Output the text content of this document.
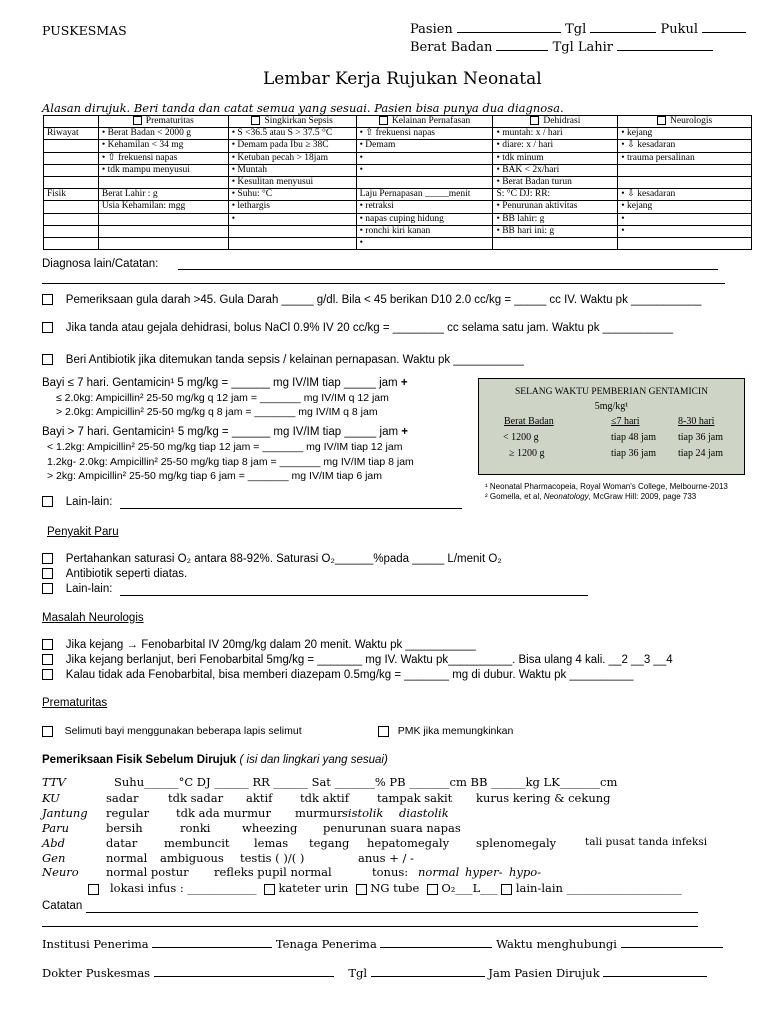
PUSKESMAS	Pasien	Tgl	Pukul
Berat Badan	Tgl Lahir
Lembar Kerja Rujukan Neonatal
Alasan dirujuk. Beri tanda dan catat semua yang sesuai. Pasien bisa punya dua diagnosa.
	Prematuritas	Singkirkan Sepsis	Kelainan Pernafasan	Dehidrasi	Neurologis
Riwayat	• Berat Badan < 2000 g	• S <36.5 atau S > 37.5 °C	• ⇧ frekuensi napas	• muntah: x / hari	• kejang
	• Kehamilan < 34 mg	• Demam pada Ibu ≥ 38C	• Demam	• diare: x / hari	• ⇩ kesadaran
	• ⇧ frekuensi napas	• Ketuban pecah > 18jam	•	• tdk minum	• trauma persalinan
	• tdk mampu menyusui	• Muntah	•	• BAK < 2x/hari	
		• Kesulitan menyusui		• Berat Badan turun	
Fisik	Berat Lahir : g	• Suhu: °C	Laju Pernapasan _____menit	S: °C DJ: RR:	• ⇩ kesadaran
	Usia Kehamilan: mgg	• lethargis	• retraksi	• Penurunan aktivitas	• kejang
		•	• napas cuping hidung	• BB lahir: g	•
			• ronchi kiri kanan	• BB hari ini: g	•
			•		
Diagnosa lain/Catatan:
Pemeriksaan gula darah >45. Gula Darah _____ g/dl. Bila < 45 berikan D10 2.0 cc/kg = _____ cc IV. Waktu pk ___________
Jika tanda atau gejala dehidrasi, bolus NaCl 0.9% IV 20 cc/kg = ________ cc selama satu jam. Waktu pk ___________
Beri Antibiotik jika ditemukan tanda sepsis / kelainan pernapasan. Waktu pk ___________
Bayi ≤ 7 hari. Gentamicin¹ 5 mg/kg = ______ mg IV/IM tiap _____ jam +
≤ 2.0kg: Ampicillin² 25-50 mg/kg q 12 jam = _______ mg IV/IM q 12 jam
> 2.0kg: Ampicillin² 25-50 mg/kg q 8 jam = _______ mg IV/IM q 8 jam
Bayi > 7 hari. Gentamicin¹ 5 mg/kg = ______ mg IV/IM tiap _____ jam +
< 1.2kg: Ampicillin² 25-50 mg/kg tiap 12 jam = _______ mg IV/IM tiap 12 jam
1.2kg- 2.0kg: Ampicillin² 25-50 mg/kg tiap 8 jam = _______ mg IV/IM tiap 8 jam
> 2kg: Ampicillin² 25-50 mg/kg tiap 6 jam = _______ mg IV/IM tiap 6 jam
Lain-lain:
SELANG WAKTU PEMBERIAN GENTAMICIN
5mg/kg¹
Berat Badan	≤7 hari	8-30 hari
< 1200 g	tiap 48 jam tiap 36 jam
≥ 1200 g	tiap 36 jam tiap 24 jam
¹ Neonatal Pharmacopeia, Royal Woman's College, Melbourne-2013
² Gomella, et al, Neonatology, McGraw Hill: 2009, page 733
Penyakit Paru
Pertahankan saturasi O₂ antara 88-92%. Saturasi O₂______%pada _____ L/menit O₂
Antibiotik seperti diatas.
Lain-lain:
Masalah Neurologis
Jika kejang → Fenobarbital IV 20mg/kg dalam 20 menit. Waktu pk ___________
Jika kejang berlanjut, beri Fenobarbital 5mg/kg = _______ mg IV. Waktu pk__________. Bisa ulang 4 kali. __2 __3 __4
Kalau tidak ada Fenobarbital, bisa memberi diazepam 0.5mg/kg = _______ mg di dubur. Waktu pk __________
Prematuritas
Selimuti bayi menggunakan beberapa lapis selimut	PMK jika memungkinkan
Pemeriksaan Fisik Sebelum Dirujuk ( isi dan lingkari yang sesuai)
TTV	Suhu______°C DJ ______ RR ______ Sat _______% PB _______cm BB ______kg LK_______cm
KU	sadar	tdk sadar aktif tdk aktif tampak sakit kurus kering & cekung
Jantung regular tdk ada murmur murmur sistolik diastolik
Paru	bersih	ronki	wheezing penurunan suara napas
Abd	datar membuncit lemas tegang hepatomegaly splenomegaly	tali pusat tanda infeksi
Gen	normal ambiguous testis ( )/( )	anus + / -
Neuro normal postur refleks pupil normal	tonus: normal hyper- hypo-
lokasi infus : ____________ kateter urin NG tube O₂___L___ lain-lain ____________________
Catatan
Institusi Penerima	Tenaga Penerima	Waktu menghubungi
Dokter Puskesmas	Tgl	Jam Pasien Dirujuk
